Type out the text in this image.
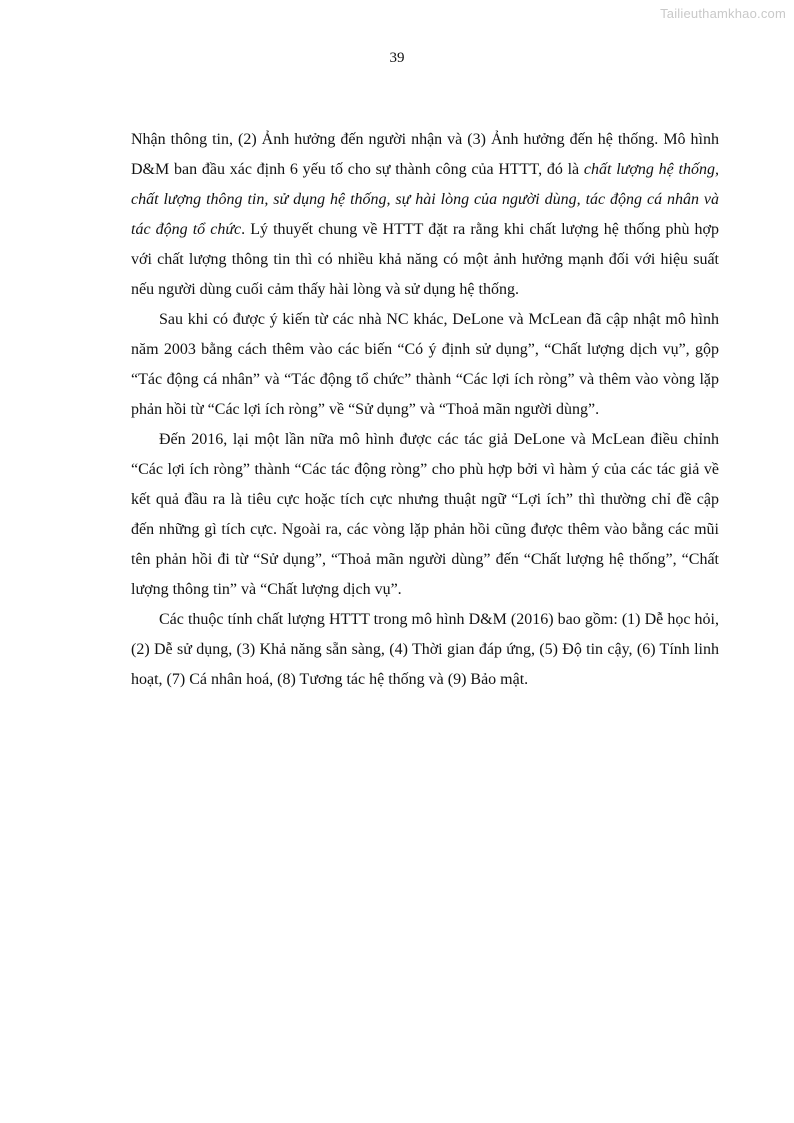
Tailieuthamkhao.com
39

Nhận thông tin, (2) Ảnh hưởng đến người nhận và (3) Ảnh hưởng đến hệ thống. Mô hình D&M ban đầu xác định 6 yếu tố cho sự thành công của HTTT, đó là chất lượng hệ thống, chất lượng thông tin, sử dụng hệ thống, sự hài lòng của người dùng, tác động cá nhân và tác động tổ chức. Lý thuyết chung về HTTT đặt ra rằng khi chất lượng hệ thống phù hợp với chất lượng thông tin thì có nhiều khả năng có một ảnh hưởng mạnh đối với hiệu suất nếu người dùng cuối cảm thấy hài lòng và sử dụng hệ thống.

Sau khi có được ý kiến từ các nhà NC khác, DeLone và McLean đã cập nhật mô hình năm 2003 bằng cách thêm vào các biến “Có ý định sử dụng”, “Chất lượng dịch vụ”, gộp “Tác động cá nhân” và “Tác động tổ chức” thành “Các lợi ích ròng” và thêm vào vòng lặp phản hồi từ “Các lợi ích ròng” về “Sử dụng” và “Thoả mãn người dùng”.

Đến 2016, lại một lần nữa mô hình được các tác giả DeLone và McLean điều chỉnh “Các lợi ích ròng” thành “Các tác động ròng” cho phù hợp bởi vì hàm ý của các tác giả về kết quả đầu ra là tiêu cực hoặc tích cực nhưng thuật ngữ “Lợi ích” thì thường chỉ đề cập đến những gì tích cực. Ngoài ra, các vòng lặp phản hồi cũng được thêm vào bằng các mũi tên phản hồi đi từ “Sử dụng”, “Thoả mãn người dùng” đến “Chất lượng hệ thống”, “Chất lượng thông tin” và “Chất lượng dịch vụ”.

Các thuộc tính chất lượng HTTT trong mô hình D&M (2016) bao gồm: (1) Dễ học hỏi, (2) Dễ sử dụng, (3) Khả năng sẵn sàng, (4) Thời gian đáp ứng, (5) Độ tin cậy, (6) Tính linh hoạt, (7) Cá nhân hoá, (8) Tương tác hệ thống và (9) Bảo mật.
